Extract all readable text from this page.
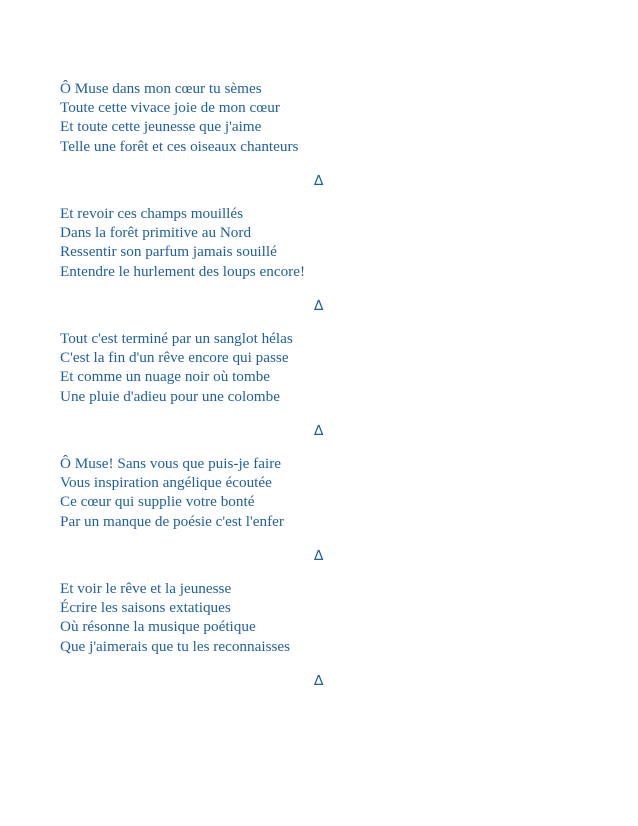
Ô Muse dans mon cœur tu sèmes
Toute cette vivace joie de mon cœur
Et toute cette jeunesse que j'aime
Telle une forêt et ces oiseaux chanteurs
∆
Et revoir ces champs mouillés
Dans la forêt primitive au Nord
Ressentir son parfum jamais souillé
Entendre le hurlement des loups encore!
∆
Tout c'est terminé par un sanglot hélas
C'est la fin d'un rêve encore qui passe
Et comme un nuage noir où tombe
Une pluie d'adieu pour une colombe
∆
Ô Muse! Sans vous que puis-je faire
Vous inspiration angélique écoutée
Ce cœur qui supplie votre bonté
Par un manque de poésie c'est l'enfer
∆
Et voir le rêve et la jeunesse
Écrire les saisons extatiques
Où résonne la musique poétique
Que j'aimerais que tu les reconnaisses
∆
